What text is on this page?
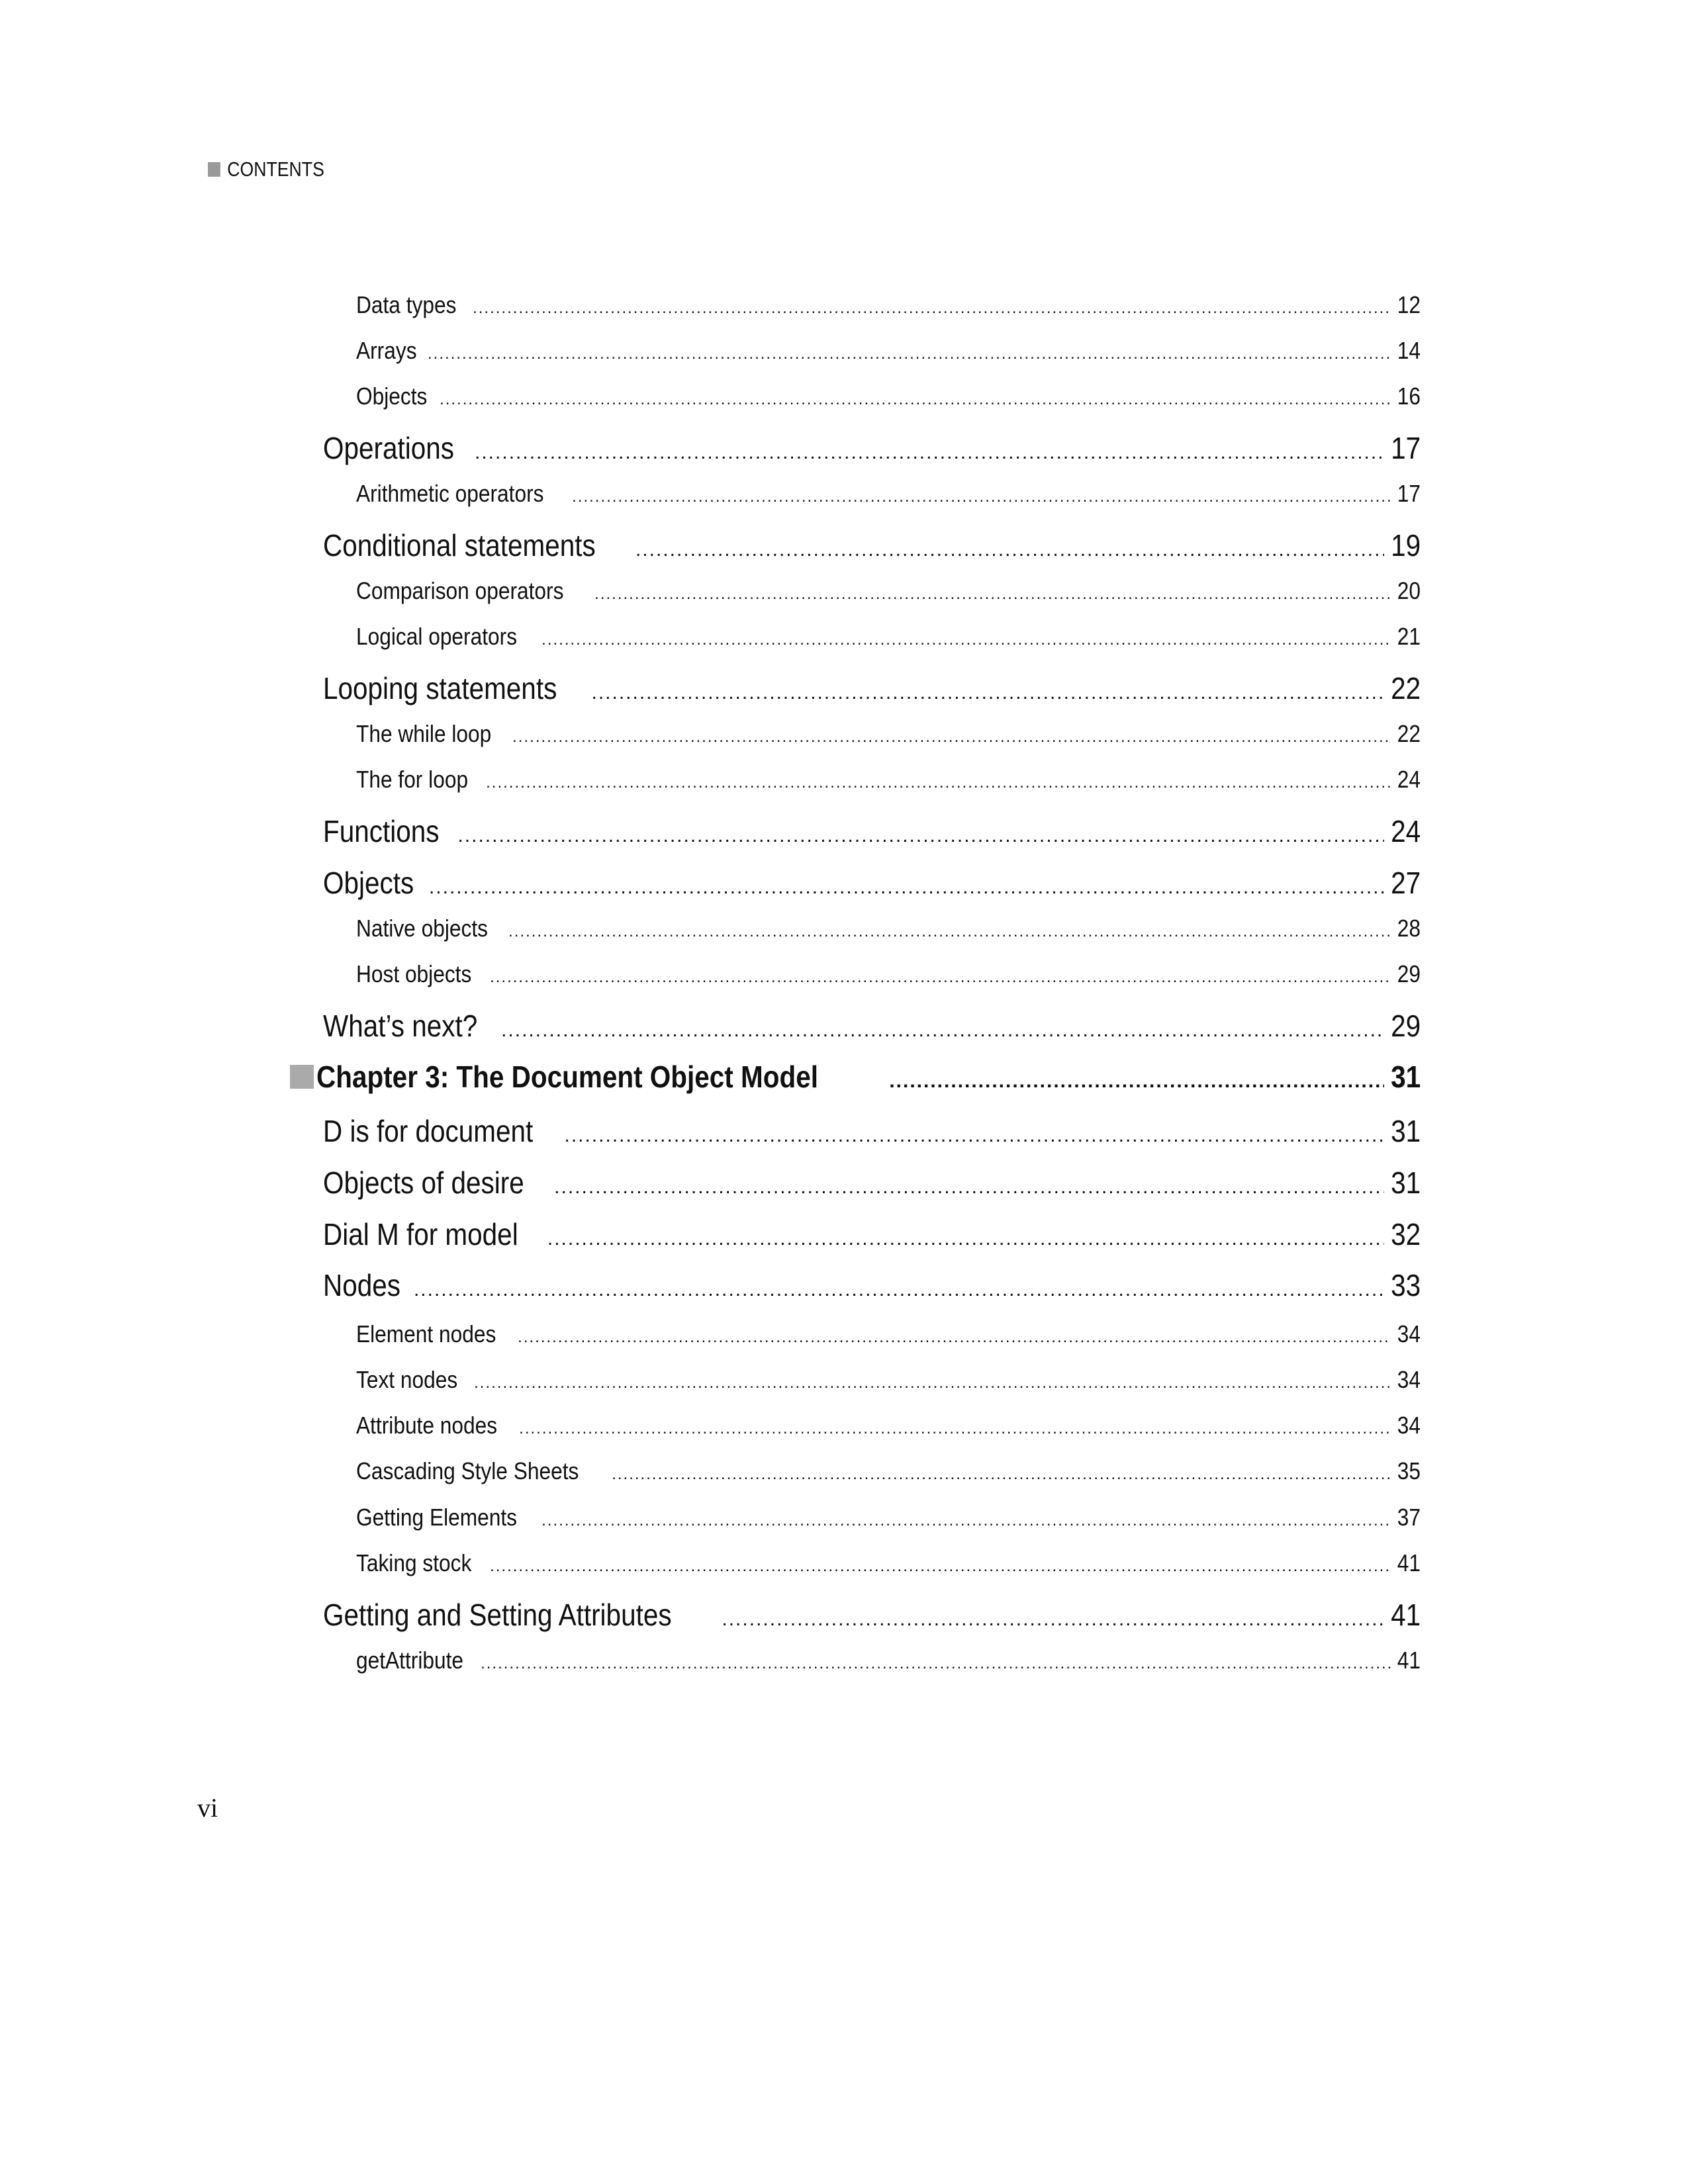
CONTENTS
Data types .....	12
Arrays .....	14
Objects .....	16
Operations .....	17
Arithmetic operators .....	17
Conditional statements .....	19
Comparison operators .....	20
Logical operators .....	21
Looping statements .....	22
The while loop .....	22
The for loop .....	24
Functions .....	24
Objects .....	27
Native objects .....	28
Host objects .....	29
What’s next? .....	29
Chapter 3: The Document Object Model .....	31
D is for document .....	31
Objects of desire .....	31
Dial M for model .....	32
Nodes .....	33
Element nodes .....	34
Text nodes .....	34
Attribute nodes .....	34
Cascading Style Sheets .....	35
Getting Elements .....	37
Taking stock .....	41
Getting and Setting Attributes .....	41
getAttribute .....	41
vi
